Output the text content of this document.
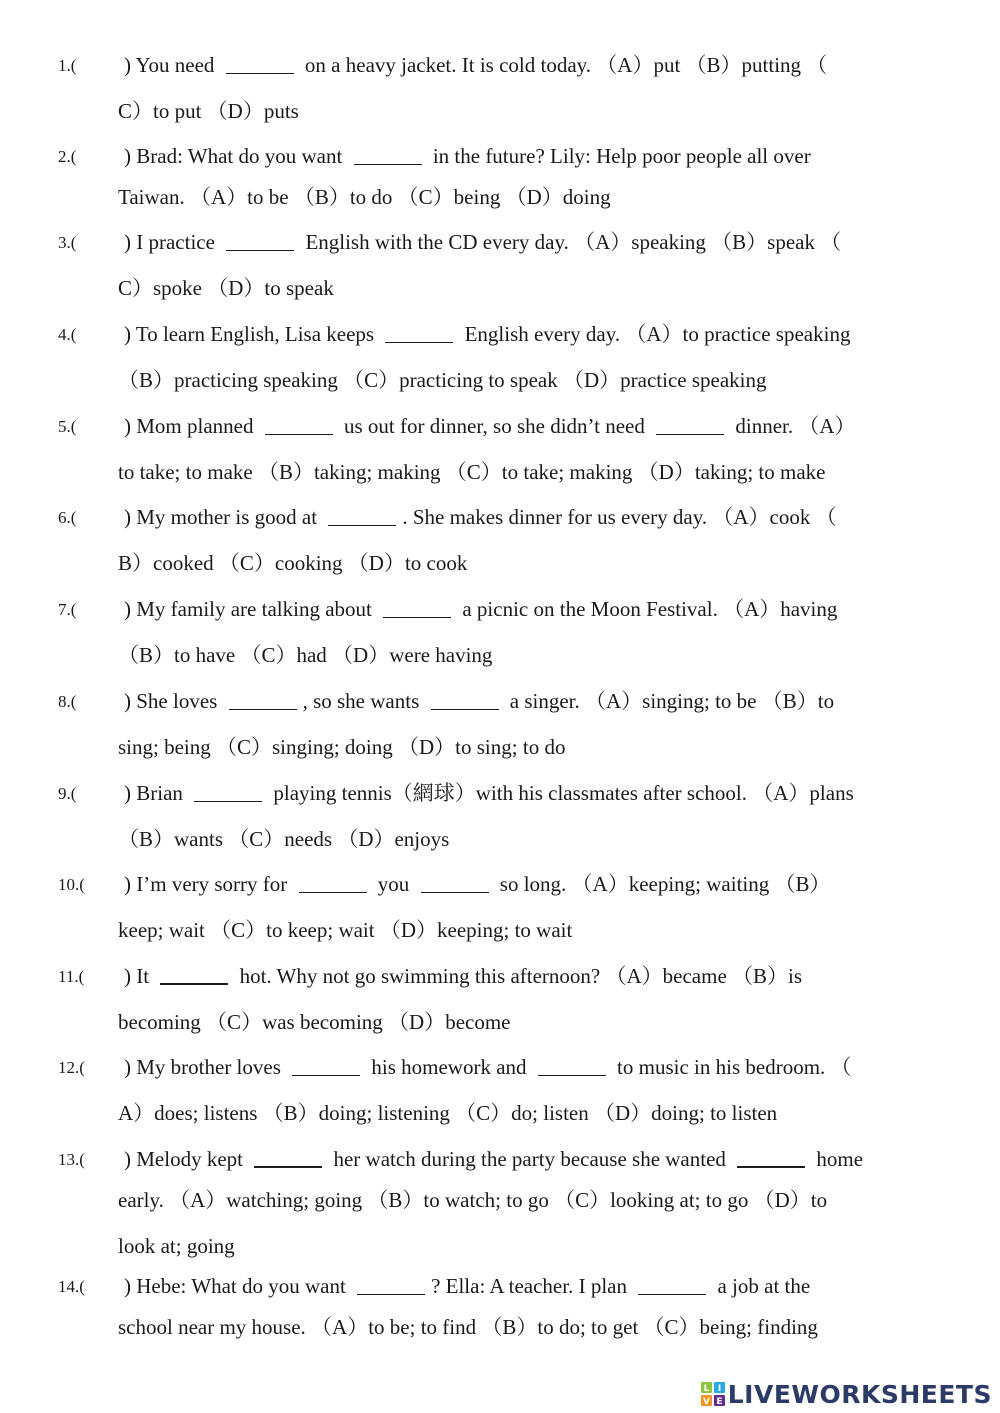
1.(	) You need	on a heavy jacket. It is cold today. （A）put （B）putting （
C）to put （D）puts
2.(	) Brad: What do you want	in the future? Lily: Help poor people all over
Taiwan. （A）to be （B）to do （C）being （D）doing
3.(	) I practice	English with the CD every day. （A）speaking （B）speak （
C）spoke （D）to speak
4.(	) To learn English, Lisa keeps	English every day. （A）to practice speaking
（B）practicing speaking （C）practicing to speak （D）practice speaking
5.(	) Mom planned	us out for dinner, so she didn’t need	dinner. （A）
to take; to make （B）taking; making （C）to take; making （D）taking; to make
6.(	) My mother is good at	. She makes dinner for us every day. （A）cook （
B）cooked （C）cooking （D）to cook
7.(	) My family are talking about	a picnic on the Moon Festival. （A）having
（B）to have （C）had （D）were having
8.(	) She loves	, so she wants	a singer. （A）singing; to be （B）to
sing; being （C）singing; doing （D）to sing; to do
9.(	) Brian	playing tennis（網球）with his classmates after school. （A）plans
（B）wants （C）needs （D）enjoys
10.(	) I’m very sorry for	you	so long. （A）keeping; waiting （B）
keep; wait （C）to keep; wait （D）keeping; to wait
11.(	) It	hot. Why not go swimming this afternoon? （A）became （B）is
becoming （C）was becoming （D）become
12.(	) My brother loves	his homework and	to music in his bedroom. （
A）does; listens （B）doing; listening （C）do; listen （D）doing; to listen
13.(	) Melody kept	her watch during the party because she wanted	home
early. （A）watching; going （B）to watch; to go （C）looking at; to go （D）to
look at; going
14.(	) Hebe: What do you want	? Ella: A teacher. I plan	a job at the
school near my house. （A）to be; to find （B）to do; to get （C）being; finding
L I
V E LIVEWORKSHEETS
